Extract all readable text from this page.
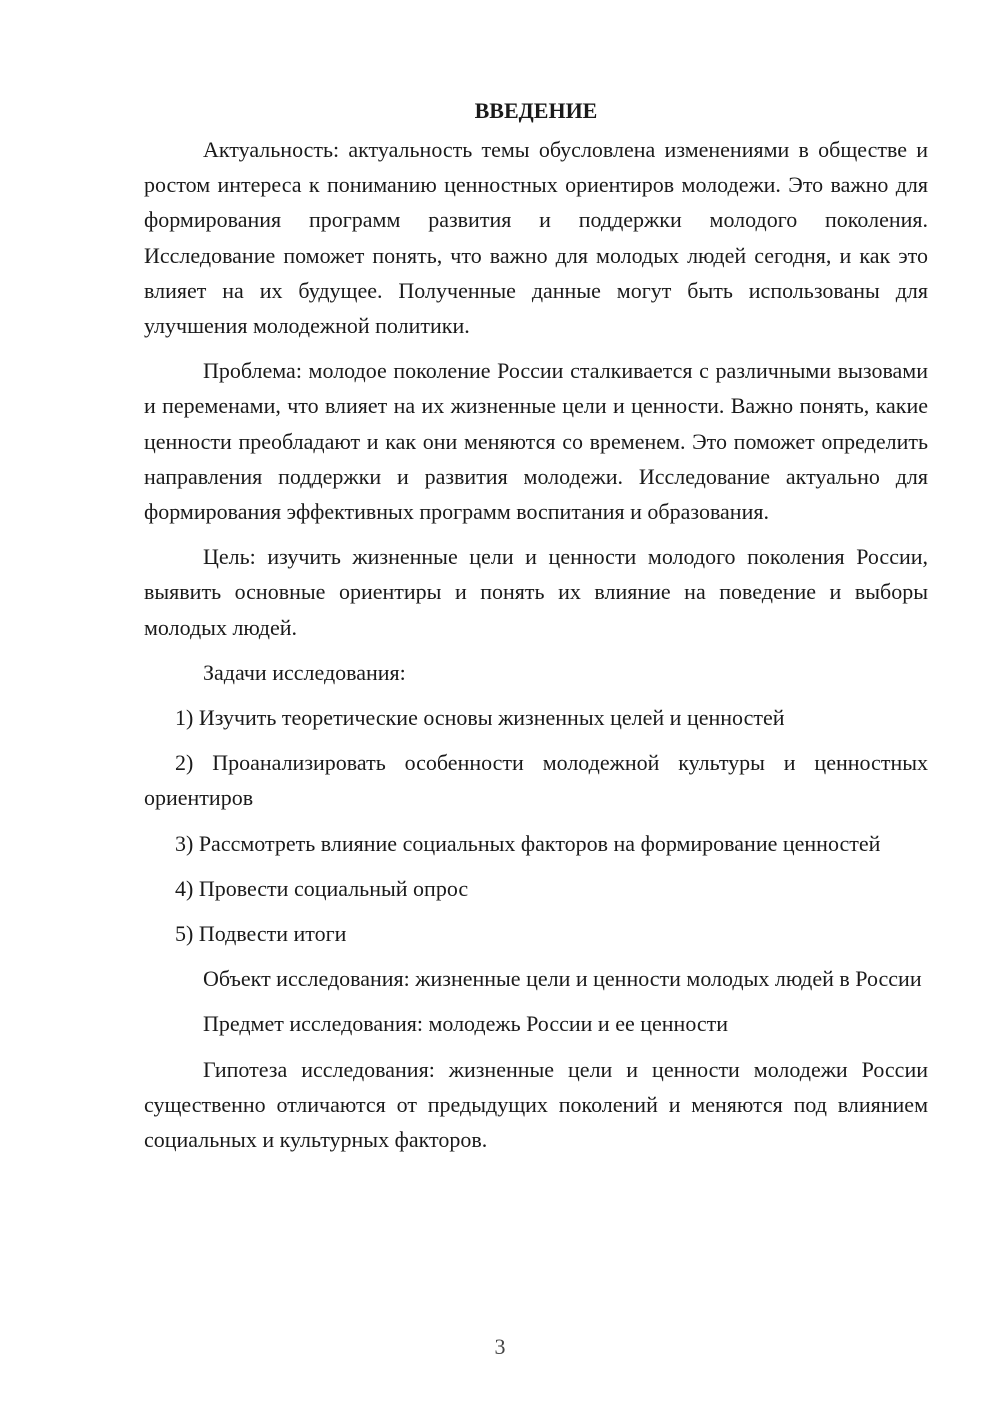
ВВЕДЕНИЕ

Актуальность: актуальность темы обусловлена изменениями в обществе и ростом интереса к пониманию ценностных ориентиров молодежи. Это важно для формирования программ развития и поддержки молодого поколения. Исследование поможет понять, что важно для молодых людей сегодня, и как это влияет на их будущее. Полученные данные могут быть использованы для улучшения молодежной политики.

Проблема: молодое поколение России сталкивается с различными вызовами и переменами, что влияет на их жизненные цели и ценности. Важно понять, какие ценности преобладают и как они меняются со временем. Это поможет определить направления поддержки и развития молодежи. Исследование актуально для формирования эффективных программ воспитания и образования.

Цель: изучить жизненные цели и ценности молодого поколения России, выявить основные ориентиры и понять их влияние на поведение и выборы молодых людей.

Задачи исследования:

1) Изучить теоретические основы жизненных целей и ценностей

2) Проанализировать особенности молодежной культуры и ценностных ориентиров

3) Рассмотреть влияние социальных факторов на формирование ценностей

4) Провести социальный опрос

5) Подвести итоги

Объект исследования: жизненные цели и ценности молодых людей в России

Предмет исследования: молодежь России и ее ценности

Гипотеза исследования: жизненные цели и ценности молодежи России существенно отличаются от предыдущих поколений и меняются под влиянием социальных и культурных факторов.

3
